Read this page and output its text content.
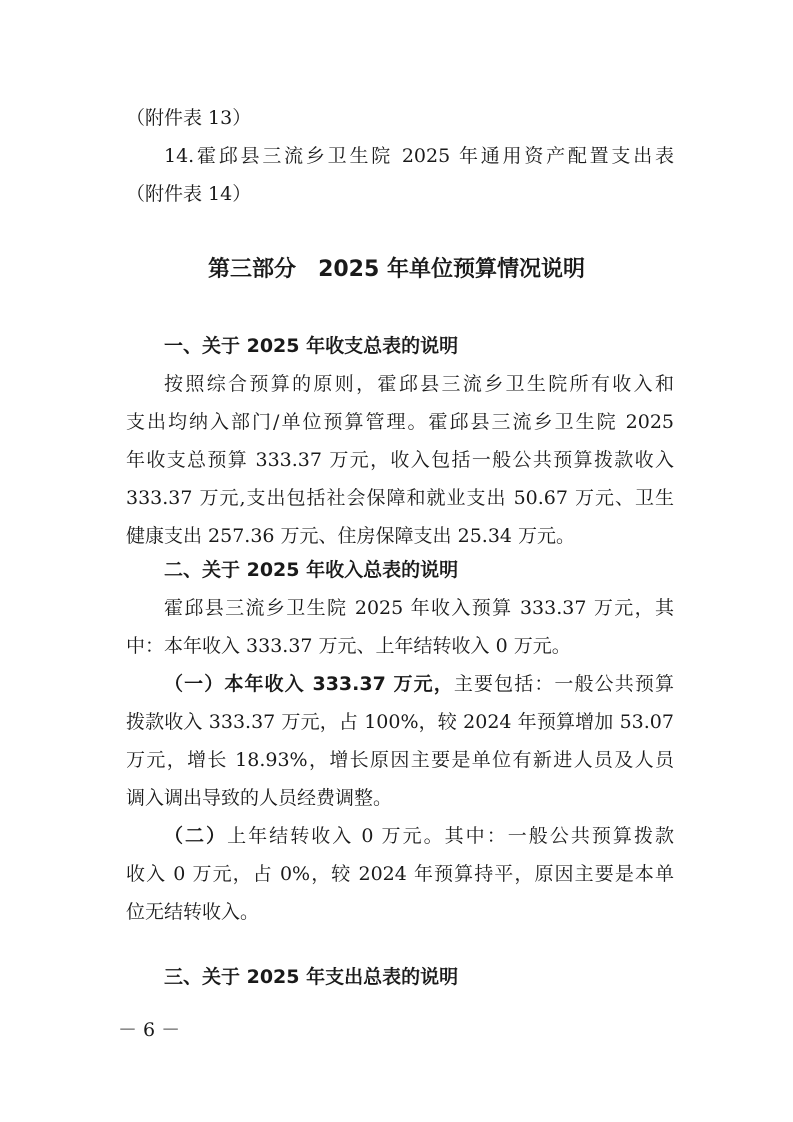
（附件表 13）
14.霍邱县三流乡卫生院 2025 年通用资产配置支出表
（附件表 14）
第三部分 2025 年单位预算情况说明
一、关于 2025 年收支总表的说明
按照综合预算的原则，霍邱县三流乡卫生院所有收入和
支出均纳入部门/单位预算管理。霍邱县三流乡卫生院 2025
年收支总预算 333.37 万元，收入包括一般公共预算拨款收入
333.37 万元,支出包括社会保障和就业支出 50.67 万元、卫生
健康支出 257.36 万元、住房保障支出 25.34 万元。
二、关于 2025 年收入总表的说明
霍邱县三流乡卫生院 2025 年收入预算 333.37 万元，其
中：本年收入 333.37 万元、上年结转收入 0 万元。
（一）本年收入 333.37 万元，主要包括：一般公共预算
拨款收入 333.37 万元，占 100%，较 2024 年预算增加 53.07
万元，增长 18.93%，增长原因主要是单位有新进人员及人员
调入调出导致的人员经费调整。
（二）上年结转收入 0 万元。其中：一般公共预算拨款
收入 0 万元，占 0%，较 2024 年预算持平，原因主要是本单
位无结转收入。
三、关于 2025 年支出总表的说明
－ 6 －
